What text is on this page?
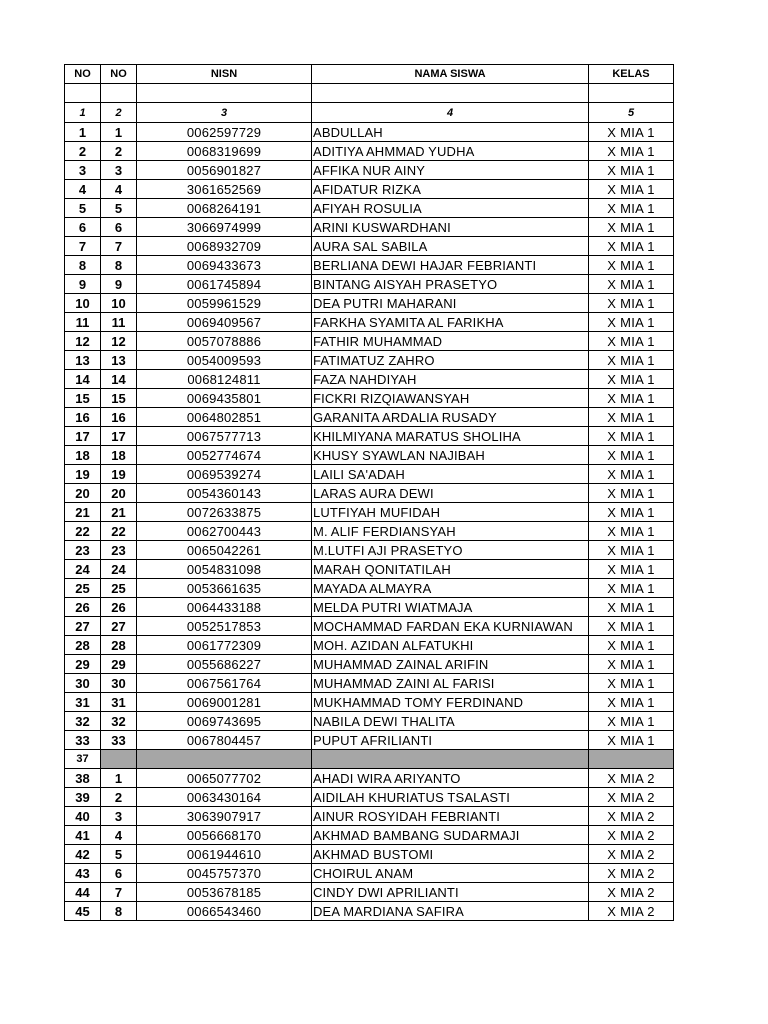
NO	NO	NISN	NAMA SISWA	KELAS

1	2	3	4	5
1	1	0062597729	ABDULLAH	X MIA 1
2	2	0068319699	ADITIYA AHMMAD YUDHA	X MIA 1
3	3	0056901827	AFFIKA NUR AINY	X MIA 1
4	4	3061652569	AFIDATUR RIZKA	X MIA 1
5	5	0068264191	AFIYAH ROSULIA	X MIA 1
6	6	3066974999	ARINI KUSWARDHANI	X MIA 1
7	7	0068932709	AURA SAL SABILA	X MIA 1
8	8	0069433673	BERLIANA DEWI HAJAR FEBRIANTI	X MIA 1
9	9	0061745894	BINTANG AISYAH PRASETYO	X MIA 1
10	10	0059961529	DEA PUTRI MAHARANI	X MIA 1
11	11	0069409567	FARKHA SYAMITA AL FARIKHA	X MIA 1
12	12	0057078886	FATHIR MUHAMMAD	X MIA 1
13	13	0054009593	FATIMATUZ ZAHRO	X MIA 1
14	14	0068124811	FAZA NAHDIYAH	X MIA 1
15	15	0069435801	FICKRI RIZQIAWANSYAH	X MIA 1
16	16	0064802851	GARANITA ARDALIA RUSADY	X MIA 1
17	17	0067577713	KHILMIYANA MARATUS SHOLIHA	X MIA 1
18	18	0052774674	KHUSY SYAWLAN NAJIBAH	X MIA 1
19	19	0069539274	LAILI SA'ADAH	X MIA 1
20	20	0054360143	LARAS AURA DEWI	X MIA 1
21	21	0072633875	LUTFIYAH MUFIDAH	X MIA 1
22	22	0062700443	M. ALIF FERDIANSYAH	X MIA 1
23	23	0065042261	M.LUTFI AJI PRASETYO	X MIA 1
24	24	0054831098	MARAH QONITATILAH	X MIA 1
25	25	0053661635	MAYADA ALMAYRA	X MIA 1
26	26	0064433188	MELDA PUTRI WIATMAJA	X MIA 1
27	27	0052517853	MOCHAMMAD FARDAN EKA KURNIAWAN	X MIA 1
28	28	0061772309	MOH. AZIDAN ALFATUKHI	X MIA 1
29	29	0055686227	MUHAMMAD ZAINAL ARIFIN	X MIA 1
30	30	0067561764	MUHAMMAD ZAINI AL FARISI	X MIA 1
31	31	0069001281	MUKHAMMAD TOMY FERDINAND	X MIA 1
32	32	0069743695	NABILA DEWI THALITA	X MIA 1
33	33	0067804457	PUPUT AFRILIANTI	X MIA 1
37				
38	1	0065077702	AHADI WIRA ARIYANTO	X MIA 2
39	2	0063430164	AIDILAH KHURIATUS TSALASTI	X MIA 2
40	3	3063907917	AINUR ROSYIDAH FEBRIANTI	X MIA 2
41	4	0056668170	AKHMAD BAMBANG SUDARMAJI	X MIA 2
42	5	0061944610	AKHMAD BUSTOMI	X MIA 2
43	6	0045757370	CHOIRUL ANAM	X MIA 2
44	7	0053678185	CINDY DWI APRILIANTI	X MIA 2
45	8	0066543460	DEA MARDIANA SAFIRA	X MIA 2
